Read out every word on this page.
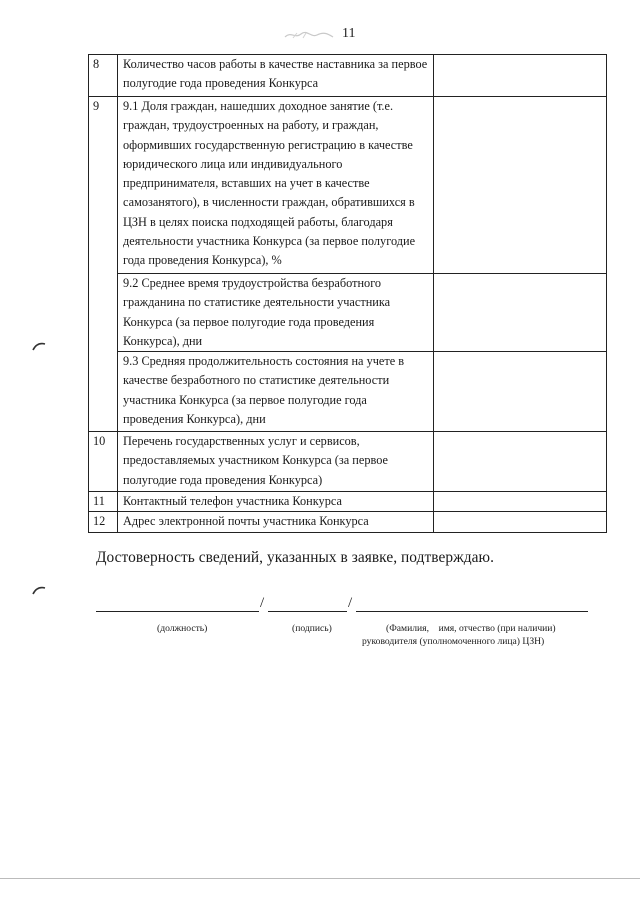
11
8	Количество часов работы в качестве наставника за первое полугодие года проведения Конкурса	
9	9.1 Доля граждан, нашедших доходное занятие (т.е. граждан, трудоустроенных на работу, и граждан, оформивших государственную регистрацию в качестве юридического лица или индивидуального предпринимателя, вставших на учет в качестве самозанятого), в численности граждан, обратившихся в ЦЗН в целях поиска подходящей работы, благодаря деятельности участника Конкурса (за первое полугодие года проведения Конкурса), %	
	9.2 Среднее время трудоустройства безработного гражданина по статистике деятельности участника Конкурса (за первое полугодие года проведения Конкурса), дни	
	9.3 Средняя продолжительность состояния на учете в качестве безработного по статистике деятельности участника Конкурса (за первое полугодие года проведения Конкурса), дни	
10	Перечень государственных услуг и сервисов, предоставляемых участником Конкурса (за первое полугодие года проведения Конкурса)	
11	Контактный телефон участника Конкурса	
12	Адрес электронной почты участника Конкурса	
Достоверность сведений, указанных в заявке, подтверждаю.
/	/
(должность)	(подпись)	(Фамилия,    имя, отчество (при наличии)
руководителя (уполномоченного лица) ЦЗН)
